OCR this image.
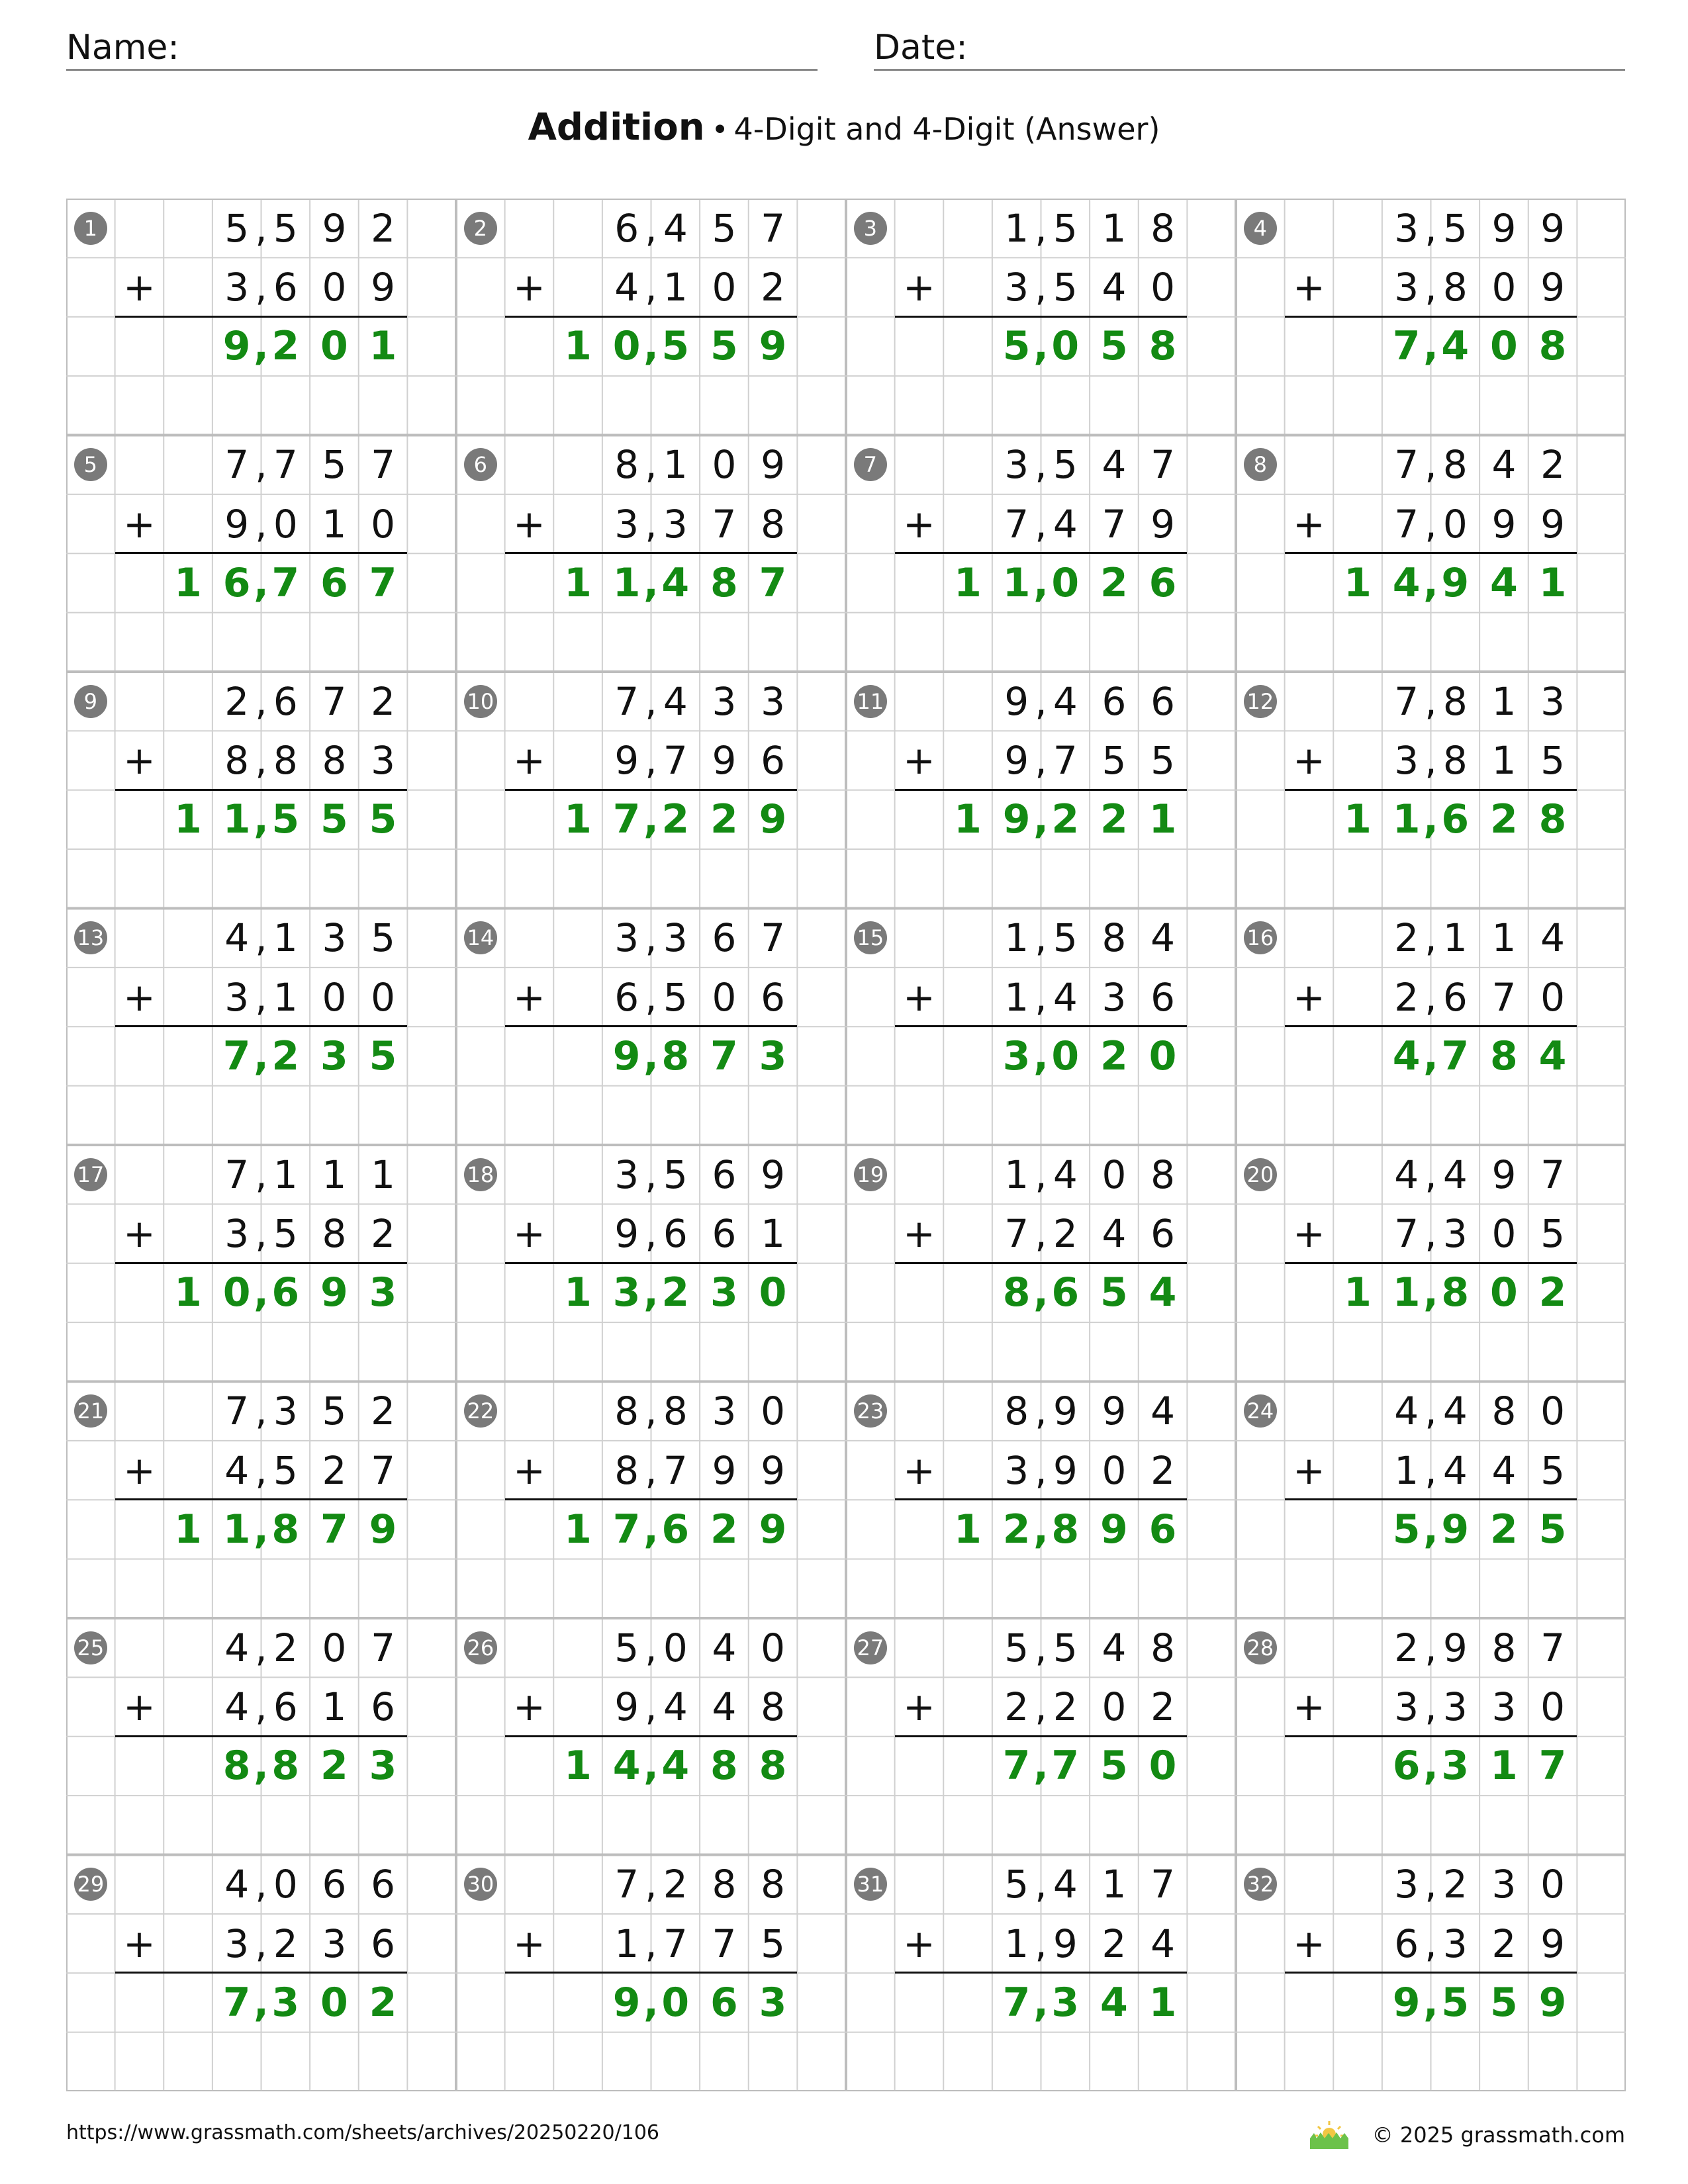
Name:	Date:
Addition • 4-Digit and 4-Digit (Answer)
1	5 , 5 9 2
+	3 , 6 0 9
9 , 2 0 1
2	6 , 4 5 7
+	4 , 1 0 2
1 0 , 5 5 9
3	1 , 5 1 8
+	3 , 5 4 0
5 , 0 5 8
4	3 , 5 9 9
+	3 , 8 0 9
7 , 4 0 8
5	7 , 7 5 7
+	9 , 0 1 0
1 6 , 7 6 7
6	8 , 1 0 9
+	3 , 3 7 8
1 1 , 4 8 7
7	3 , 5 4 7
+	7 , 4 7 9
1 1 , 0 2 6
8	7 , 8 4 2
+	7 , 0 9 9
1 4 , 9 4 1
9	2 , 6 7 2
+	8 , 8 8 3
1 1 , 5 5 5
10	7 , 4 3 3
+	9 , 7 9 6
1 7 , 2 2 9
11	9 , 4 6 6
+	9 , 7 5 5
1 9 , 2 2 1
12	7 , 8 1 3
+	3 , 8 1 5
1 1 , 6 2 8
13	4 , 1 3 5
+	3 , 1 0 0
7 , 2 3 5
14	3 , 3 6 7
+	6 , 5 0 6
9 , 8 7 3
15	1 , 5 8 4
+	1 , 4 3 6
3 , 0 2 0
16	2 , 1 1 4
+	2 , 6 7 0
4 , 7 8 4
17	7 , 1 1 1
+	3 , 5 8 2
1 0 , 6 9 3
18	3 , 5 6 9
+	9 , 6 6 1
1 3 , 2 3 0
19	1 , 4 0 8
+	7 , 2 4 6
8 , 6 5 4
20	4 , 4 9 7
+	7 , 3 0 5
1 1 , 8 0 2
21	7 , 3 5 2
+	4 , 5 2 7
1 1 , 8 7 9
22	8 , 8 3 0
+	8 , 7 9 9
1 7 , 6 2 9
23	8 , 9 9 4
+	3 , 9 0 2
1 2 , 8 9 6
24	4 , 4 8 0
+	1 , 4 4 5
5 , 9 2 5
25	4 , 2 0 7
+	4 , 6 1 6
8 , 8 2 3
26	5 , 0 4 0
+	9 , 4 4 8
1 4 , 4 8 8
27	5 , 5 4 8
+	2 , 2 0 2
7 , 7 5 0
28	2 , 9 8 7
+	3 , 3 3 0
6 , 3 1 7
29	4 , 0 6 6
+	3 , 2 3 6
7 , 3 0 2
30	7 , 2 8 8
+	1 , 7 7 5
9 , 0 6 3
31	5 , 4 1 7
+	1 , 9 2 4
7 , 3 4 1
32	3 , 2 3 0
+	6 , 3 2 9
9 , 5 5 9
https://www.grassmath.com/sheets/archives/20250220/106	© 2025 grassmath.com
